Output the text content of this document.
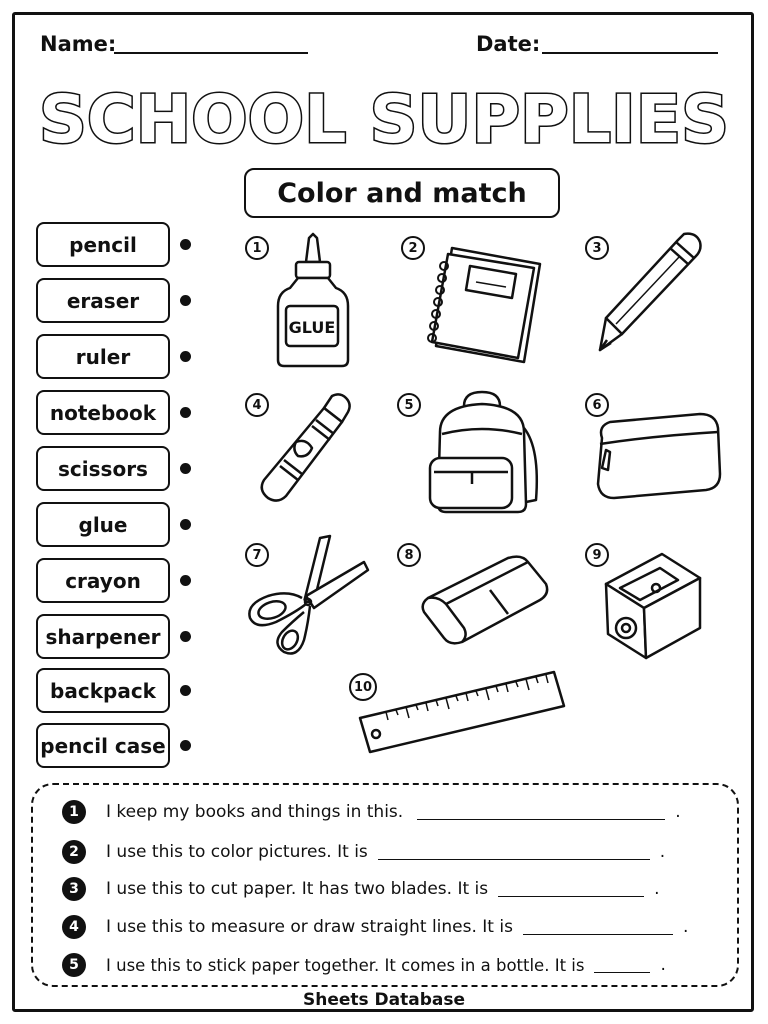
Name:	Date:
SCHOOL SUPPLIES
Color and match
pencil
eraser
ruler
notebook
scissors
glue
crayon
sharpener
backpack
pencil case
1	2	3
4	5	6
7	8	9
10
GLUE
1	I keep my books and things in this.	.
2	I use this to color pictures. It is	.
3	I use this to cut paper. It has two blades. It is	.
4	I use this to measure or draw straight lines. It is	.
5	I use this to stick paper together. It comes in a bottle. It is	.
Sheets Database
